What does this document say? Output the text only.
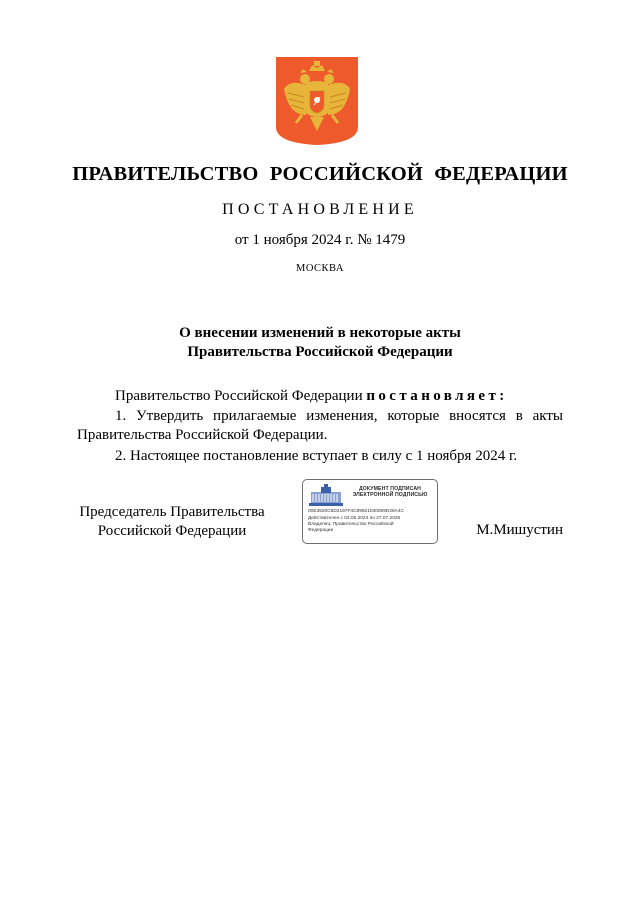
ПРАВИТЕЛЬСТВО РОССИЙСКОЙ ФЕДЕРАЦИИ
ПОСТАНОВЛЕНИЕ
от 1 ноября 2024 г. № 1479
МОСКВА
О внесении изменений в некоторые акты
Правительства Российской Федерации
Правительство Российской Федерации постановляет:
1. Утвердить прилагаемые изменения, которые вносятся в акты Правительства Российской Федерации.
2. Настоящее постановление вступает в силу с 1 ноября 2024 г.
Председатель Правительства
Российской Федерации
ДОКУМЕНТ ПОДПИСАН
ЭЛЕКТРОННОЙ ПОДПИСЬЮ
00E3620C6D2197F4C99921030069D28A4C
Действителен с 03.05.2024 по 27.07.2025
Владелец: Правительство Российской
Федерации	М.Мишустин
